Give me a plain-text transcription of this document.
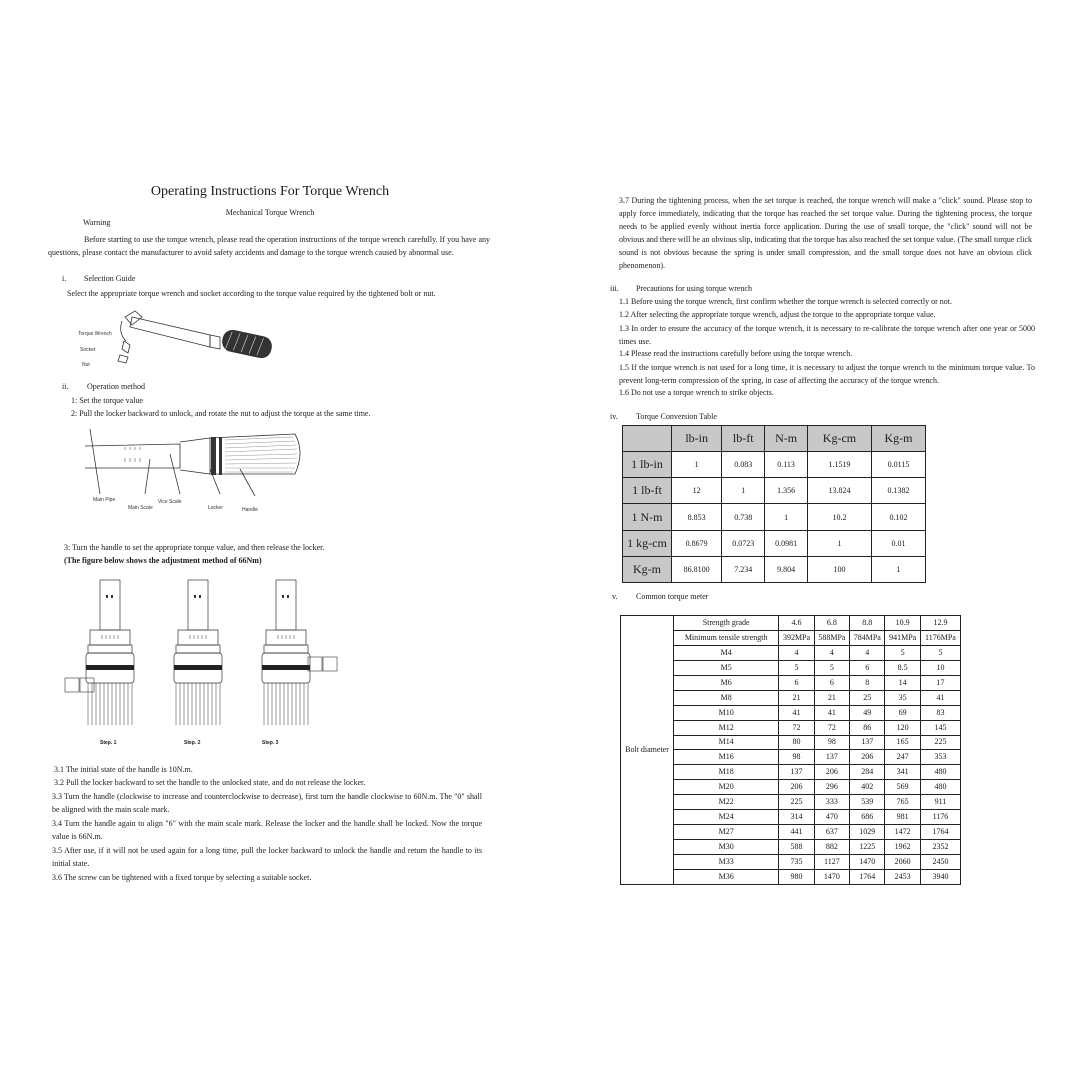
Operating Instructions For Torque Wrench
Mechanical Torque Wrench
Warning
Before starting to use the torque wrench, please read the operation instructions of the torque wrench carefully. If you have any questions, please contact the manufacturer to avoid safety accidents and damage to the torque wrench caused by abnormal use.
i. Selection Guide
Select the appropriate torque wrench and socket according to the torque value required by the tightened bolt or nut.
Torque Wrench
Socket
Nut
ii. Operation method
1: Set the torque value
2: Pull the locker backward to unlock, and rotate the nut to adjust the torque at the same time.
Main Pipe	Vice Scale
Main Scale	Locker	Handle
3: Turn the handle to set the appropriate torque value, and then release the locker.
(The figure below shows the adjustment method of 66Nm)
Step. 1	Step. 2	Step. 3
3.1 The initial state of the handle is 10N.m.
3.2 Pull the locker backward to set the handle to the unlocked state, and do not release the locker.
3.3 Turn the handle (clockwise to increase and counterclockwise to decrease), first turn the handle clockwise to 60N.m. The "0" shall be aligned with the main scale mark.
3.4 Turn the handle again to align "6" with the main scale mark. Release the locker and the handle shall be locked. Now the torque value is 66N.m.
3.5 After use, if it will not be used again for a long time, pull the locker backward to unlock the handle and return the handle to its initial state.
3.6 The screw can be tightened with a fixed torque by selecting a suitable socket.
3.7 During the tightening process, when the set torque is reached, the torque wrench will make a "click" sound. Please stop to apply force immediately, indicating that the torque has reached the set torque value. During the tightening process, the torque needs to be applied evenly without inertia force application. During the use of small torque, the "click" sound will not be obvious and there will be an obvious slip, indicating that the torque has also reached the set torque value. (The small torque click sound is not obvious because the spring is under small compression, and the small torque does not have an obvious click phenomenon).
iii. Precautions for using torque wrench
1.1 Before using the torque wrench, first confirm whether the torque wrench is selected correctly or not.
1.2 After selecting the appropriate torque wrench, adjust the torque to the appropriate torque value.
1.3 In order to ensure the accuracy of the torque wrench, it is necessary to re-calibrate the torque wrench after one year or 5000 times use.
1.4 Please read the instructions carefully before using the torque wrench.
1.5 If the torque wrench is not used for a long time, it is necessary to adjust the torque wrench to the minimum torque value. To prevent long-term compression of the spring, in case of affecting the accuracy of the torque wrench.
1.6 Do not use a torque wrench to strike objects.
iv. Torque Conversion Table
	lb-in	lb-ft	N-m	Kg-cm	Kg-m
1 lb-in	1	0.083	0.113	1.1519	0.0115
1 lb-ft	12	1	1.356	13.824	0.1382
1 N-m	8.853	0.738	1	10.2	0.102
1 kg-cm	0.8679	0.0723	0.0981	1	0.01
Kg-m	86.8100	7.234	9.804	100	1
v. Common torque meter
Bolt diameter	Strength grade	4.6	6.8	8.8	10.9	12.9
	Minimum tensile strength	392MPa	588MPa	784MPa	941MPa	1176MPa
	M4	4	4	4	5	5
	M5	5	5	6	8.5	10
	M6	6	6	8	14	17
	M8	21	21	25	35	41
	M10	41	41	49	69	83
	M12	72	72	86	120	145
	M14	80	98	137	165	225
	M16	98	137	206	247	353
	M18	137	206	284	341	480
	M20	206	296	402	569	480
	M22	225	333	539	765	911
	M24	314	470	686	981	1176
	M27	441	637	1029	1472	1764
	M30	588	882	1225	1962	2352
	M33	735	1127	1470	2060	2450
	M36	980	1470	1764	2453	3940
